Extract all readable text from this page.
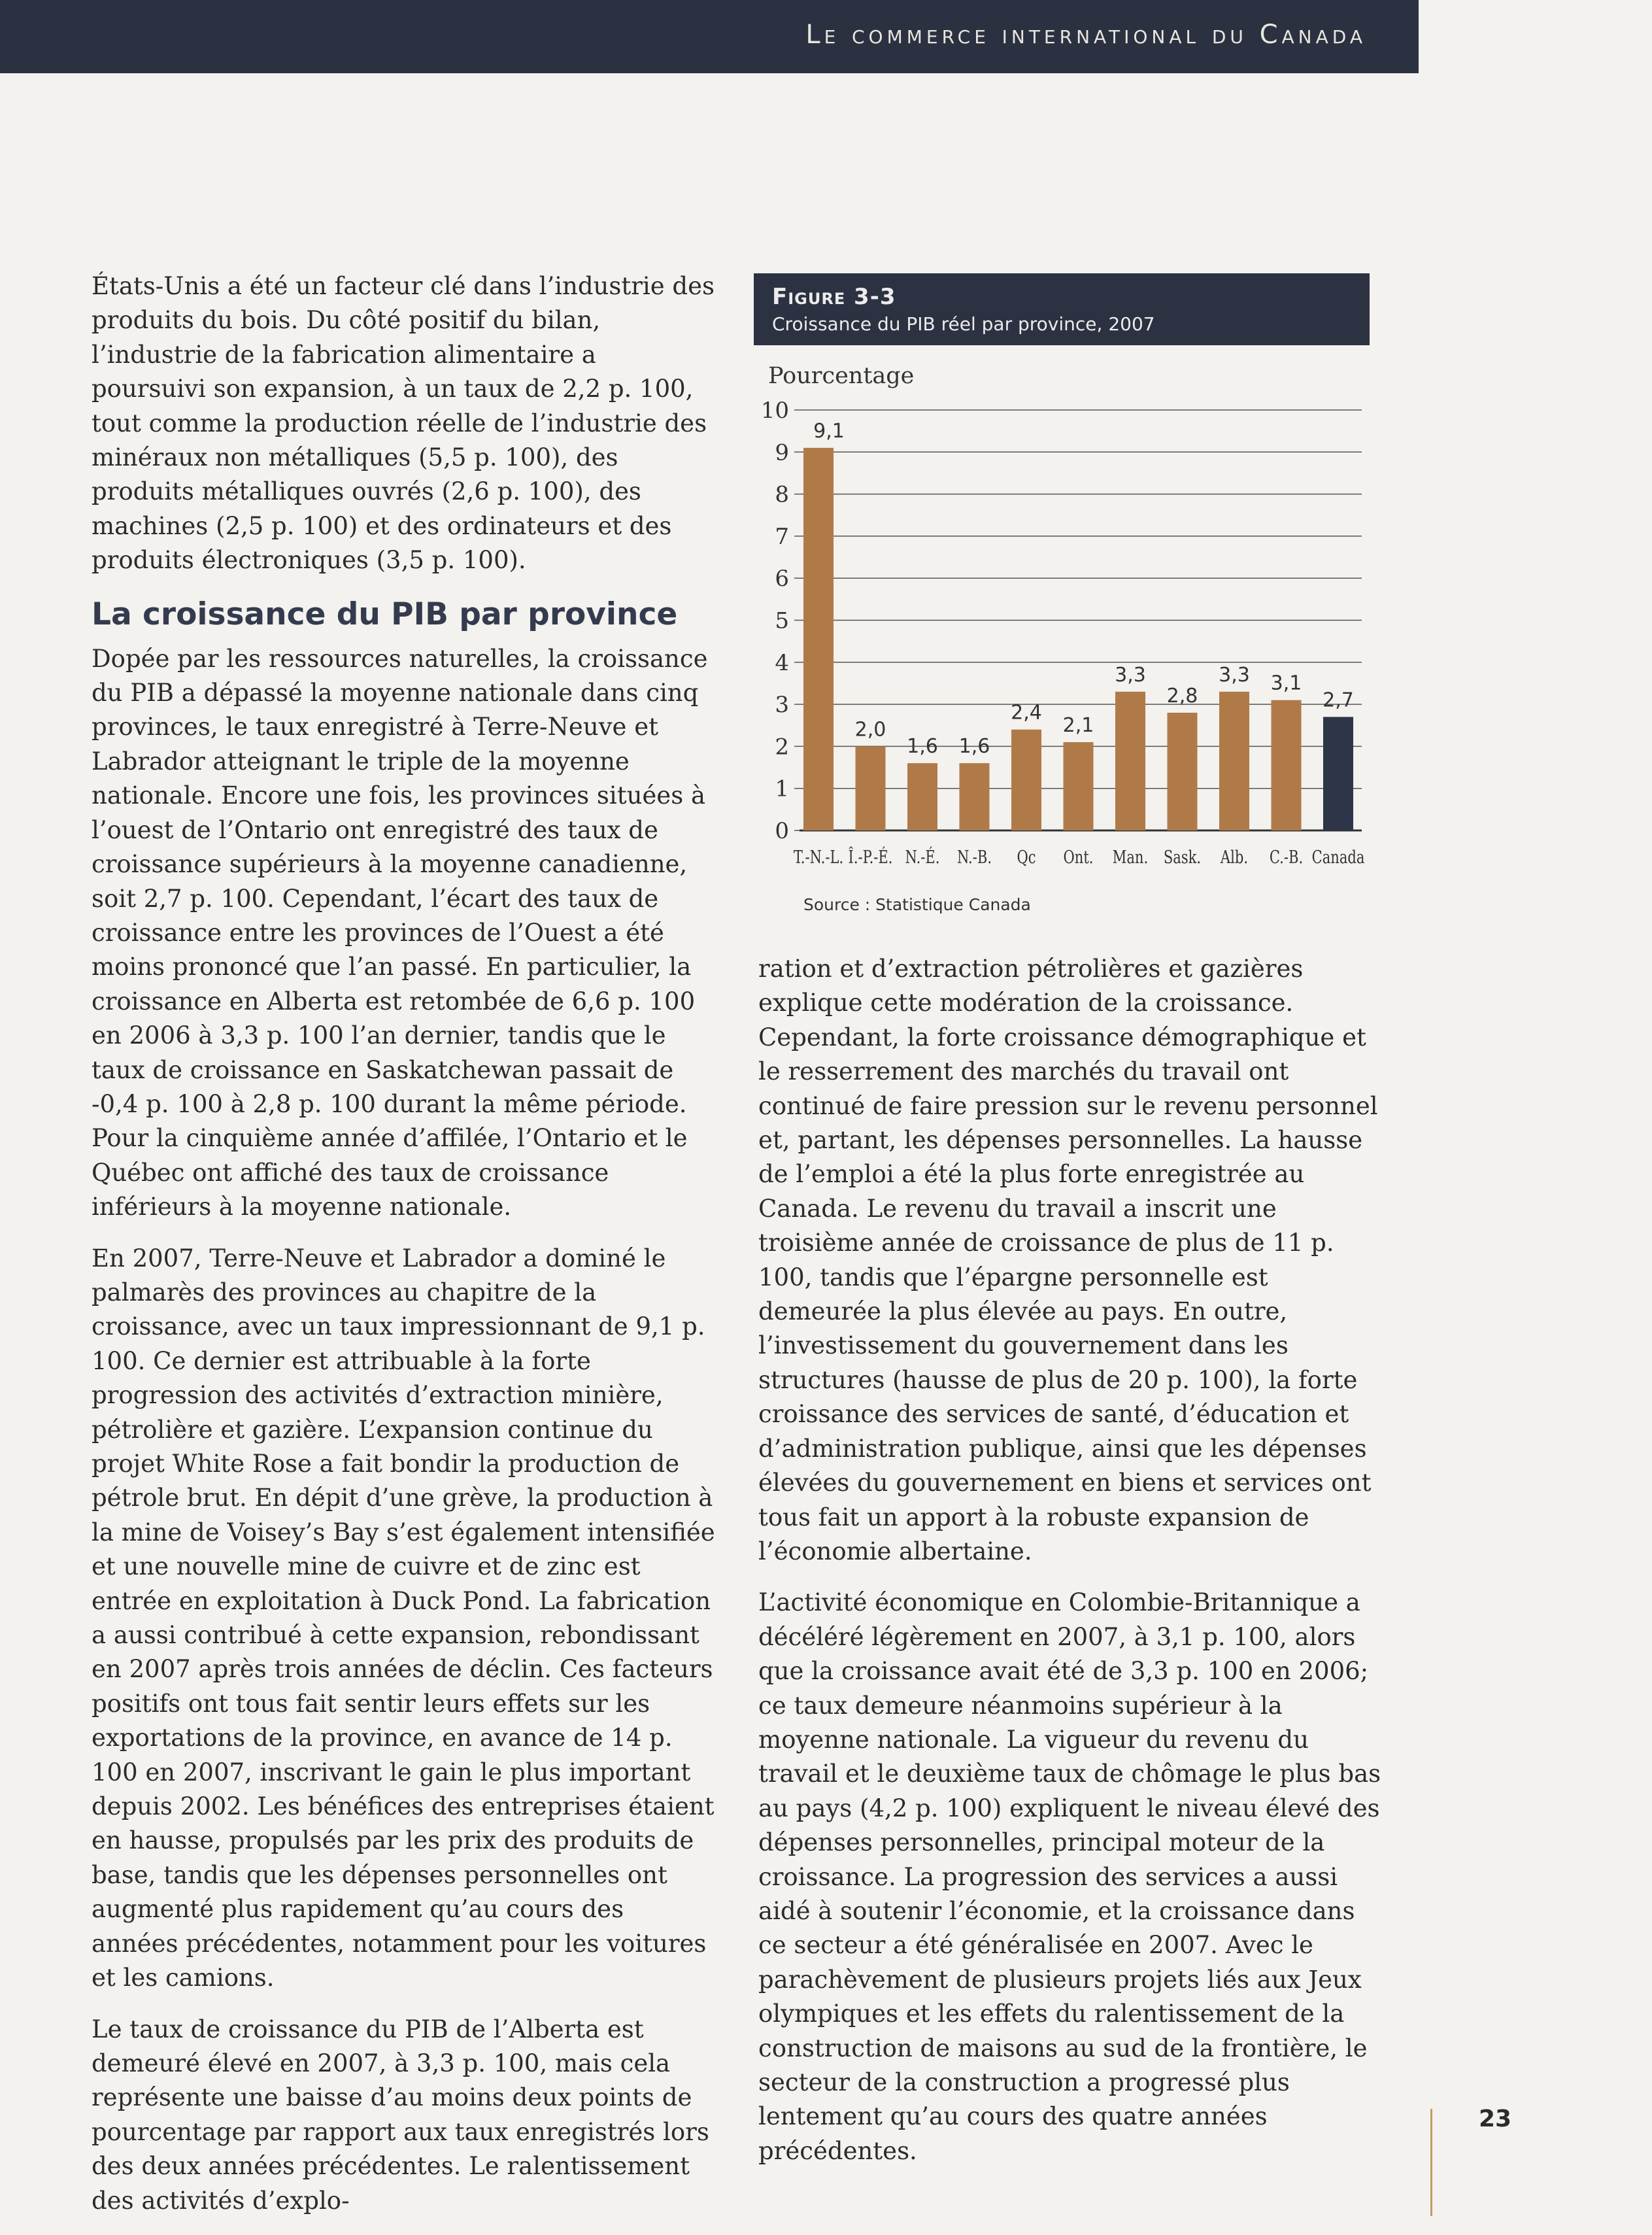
Le commerce international du Canada

États-Unis a été un facteur clé dans l’industrie des produits du bois. Du côté positif du bilan, l’industrie de la fabrication alimentaire a poursuivi son expansion, à un taux de 2,2 p. 100, tout comme la production réelle de l’industrie des minéraux non métalliques (5,5 p. 100), des produits métalliques ouvrés (2,6 p. 100), des machines (2,5 p. 100) et des ordinateurs et des produits électroniques (3,5 p. 100).

La croissance du PIB par province

Dopée par les ressources naturelles, la croissance du PIB a dépassé la moyenne nationale dans cinq provinces, le taux enregistré à Terre-Neuve et Labrador atteignant le triple de la moyenne nationale. Encore une fois, les provinces situées à l’ouest de l’Ontario ont enregistré des taux de croissance supérieurs à la moyenne canadienne, soit 2,7 p. 100. Cependant, l’écart des taux de croissance entre les provinces de l’Ouest a été moins prononcé que l’an passé. En particulier, la croissance en Alberta est retombée de 6,6 p. 100 en 2006 à 3,3 p. 100 l’an dernier, tandis que le taux de croissance en Saskatchewan passait de -0,4 p. 100 à 2,8 p. 100 durant la même période. Pour la cinquième année d’affilée, l’Ontario et le Québec ont affiché des taux de croissance inférieurs à la moyenne nationale.

En 2007, Terre-Neuve et Labrador a dominé le palmarès des provinces au chapitre de la croissance, avec un taux impressionnant de 9,1 p. 100. Ce dernier est attribuable à la forte progression des activités d’extraction minière, pétrolière et gazière. L’expansion continue du projet White Rose a fait bondir la production de pétrole brut. En dépit d’une grève, la production à la mine de Voisey’s Bay s’est également intensifiée et une nouvelle mine de cuivre et de zinc est entrée en exploitation à Duck Pond. La fabrication a aussi contribué à cette expansion, rebondissant en 2007 après trois années de déclin. Ces facteurs positifs ont tous fait sentir leurs effets sur les exportations de la province, en avance de 14 p. 100 en 2007, inscrivant le gain le plus important depuis 2002. Les bénéfices des entreprises étaient en hausse, propulsés par les prix des produits de base, tandis que les dépenses personnelles ont augmenté plus rapidement qu’au cours des années précédentes, notamment pour les voitures et les camions.

Le taux de croissance du PIB de l’Alberta est demeuré élevé en 2007, à 3,3 p. 100, mais cela représente une baisse d’au moins deux points de pourcentage par rapport aux taux enregistrés lors des deux années précédentes. Le ralentissement des activités d’explo-

Figure 3-3
Croissance du PIB réel par province, 2007
0
1
2
3
4
5
6
7
8
9
10
9,1
2,0
1,6 1,6
2,4
2,1
3,3
2,8
3,3 3,1
2,7
T.-N.-L. Î.-P.-É. N.-É. N.-B. Qc Ont. Man. Sask. Alb. C.-B. Canada
Pourcentage
Source : Statistique Canada

ration et d’extraction pétrolières et gazières explique cette modération de la croissance. Cependant, la forte croissance démographique et le resserrement des marchés du travail ont continué de faire pression sur le revenu personnel et, partant, les dépenses personnelles. La hausse de l’emploi a été la plus forte enregistrée au Canada. Le revenu du travail a inscrit une troisième année de croissance de plus de 11 p. 100, tandis que l’épargne personnelle est demeurée la plus élevée au pays. En outre, l’investissement du gouvernement dans les structures (hausse de plus de 20 p. 100), la forte croissance des services de santé, d’éducation et d’administration publique, ainsi que les dépenses élevées du gouvernement en biens et services ont tous fait un apport à la robuste expansion de l’économie albertaine.

L’activité économique en Colombie-Britannique a décéléré légèrement en 2007, à 3,1 p. 100, alors que la croissance avait été de 3,3 p. 100 en 2006; ce taux demeure néanmoins supérieur à la moyenne nationale. La vigueur du revenu du travail et le deuxième taux de chômage le plus bas au pays (4,2 p. 100) expliquent le niveau élevé des dépenses personnelles, principal moteur de la croissance. La progression des services a aussi aidé à soutenir l’économie, et la croissance dans ce secteur a été généralisée en 2007. Avec le parachèvement de plusieurs projets liés aux Jeux olympiques et les effets du ralentissement de la construction de maisons au sud de la frontière, le secteur de la construction a progressé plus lentement qu’au cours des quatre années précédentes.

23
